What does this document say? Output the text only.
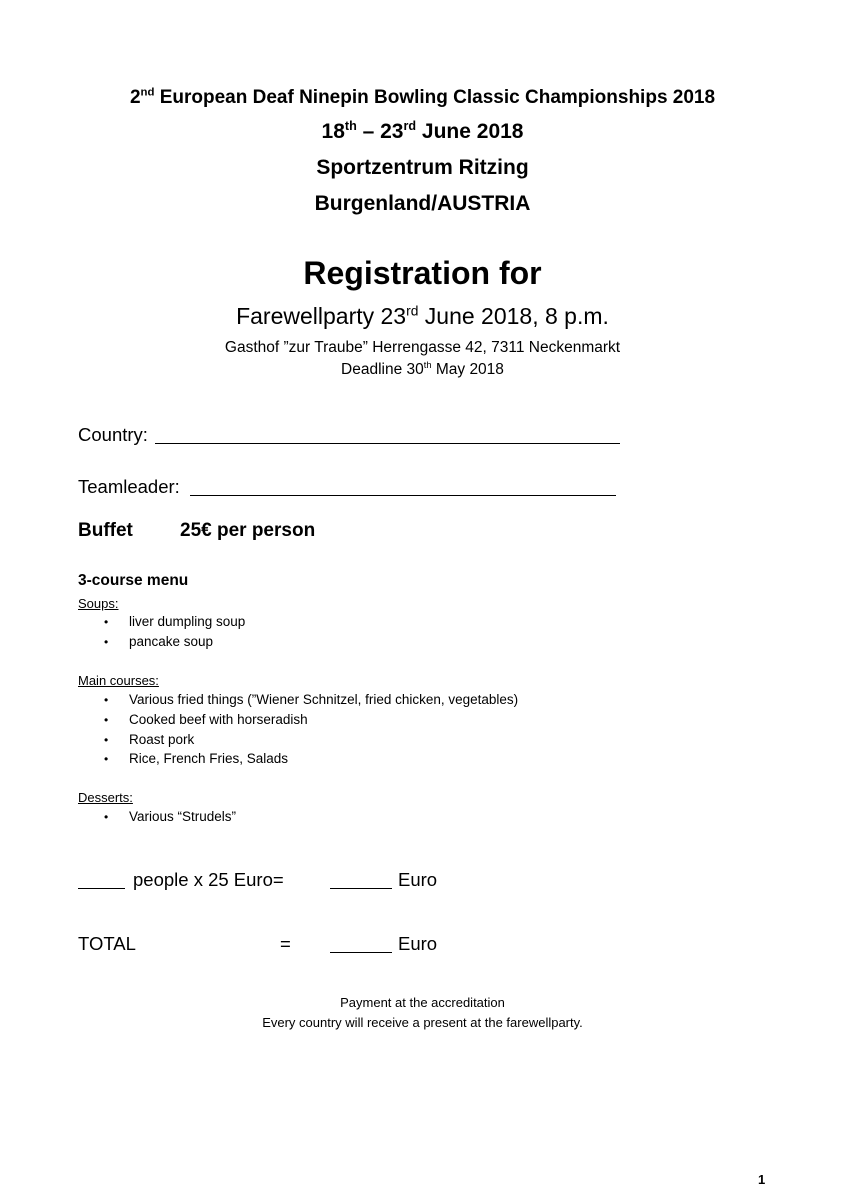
2nd European Deaf Ninepin Bowling Classic Championships 2018
18th – 23rd June 2018
Sportzentrum Ritzing
Burgenland/AUSTRIA
Registration for
Farewellparty 23rd June 2018, 8 p.m.
Gasthof ”zur Traube” Herrengasse 42, 7311 Neckenmarkt
Deadline 30th May 2018
Country:
Teamleader:
Buffet 25€ per person
3-course menu
Soups:
• liver dumpling soup
• pancake soup
Main courses:
• Various fried things (”Wiener Schnitzel, fried chicken, vegetables)
• Cooked beef with horseradish
• Roast pork
• Rice, French Fries, Salads
Desserts:
• Various “Strudels”
people x 25 Euro=	Euro
TOTAL	=	Euro
Payment at the accreditation
Every country will receive a present at the farewellparty.
1
